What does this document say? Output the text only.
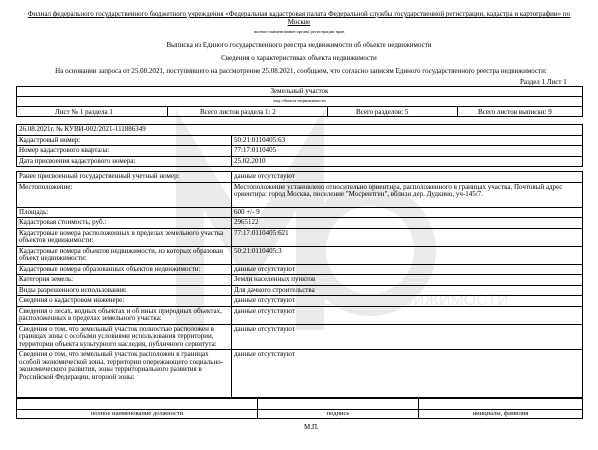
ЦЕНТР НЕДВИЖИМОСТИ
Филиал федерального государственного бюджетного учреждения «Федеральная кадастровая палата Федеральной службы государственной регистрации, кадастра и картографии» по Москве
полное наименование органа регистрации прав
Выписка из Единого государственного реестра недвижимости об объекте недвижимости
Сведения о характеристиках объекта недвижимости
На основании запроса от 25.08.2021, поступившего на рассмотрение 25.08.2021, сообщаем, что согласно записям Единого государственного реестра недвижимости:
Раздел 1 Лист 1
Земельный участок
вид объекта недвижимости
Лист № 1 раздела 1	Всего листов раздела 1: 2	Всего разделов: 5	Всего листов выписки: 9
26.08.2021г. № КУВИ-002/2021-111886349	
Кадастровый номер:	50:21:0110405:63
Номер кадастрового квартала:	77:17:0110405
Дата присвоения кадастрового номера:	25.02.2010
Ранее присвоенный государственный учетный номер:	данные отсутствуют
Местоположение:	Местоположение установлено относительно ориентира, расположенного в границах участка. Почтовый адрес ориентира: город Москва, поселение "Мосрентген", вблизи дер. Дудкино, уч-145/7.
Площадь:	600 +/- 9
Кадастровая стоимость, руб.:	2965122
Кадастровые номера расположенных в пределах земельного участка объектов недвижимости:	77:17:0110405:621
Кадастровые номера объектов недвижимости, из которых образован объект недвижимости:	50:21:0110405:3
Кадастровые номера образованных объектов недвижимости:	данные отсутствуют
Категория земель:	Земли населенных пунктов
Виды разрешенного использования:	Для дачного строительства
Сведения о кадастровом инженере:	данные отсутствуют
Сведения о лесах, водных объектах и об иных природных объектах, расположенных в пределах земельного участка:	данные отсутствуют
Сведения о том, что земельный участок полностью расположен в границах зоны с особыми условиями использования территории, территории объекта культурного наследия, публичного сервитута:	данные отсутствуют
Сведения о том, что земельный участок расположен в границах особой экономической зоны, территории опережающего социально-экономического развития, зоны территориального развития в Российской Федерации, игорной зоны:	данные отсутствуют
полное наименование должности	подпись	инициалы, фамилия
М.П.
